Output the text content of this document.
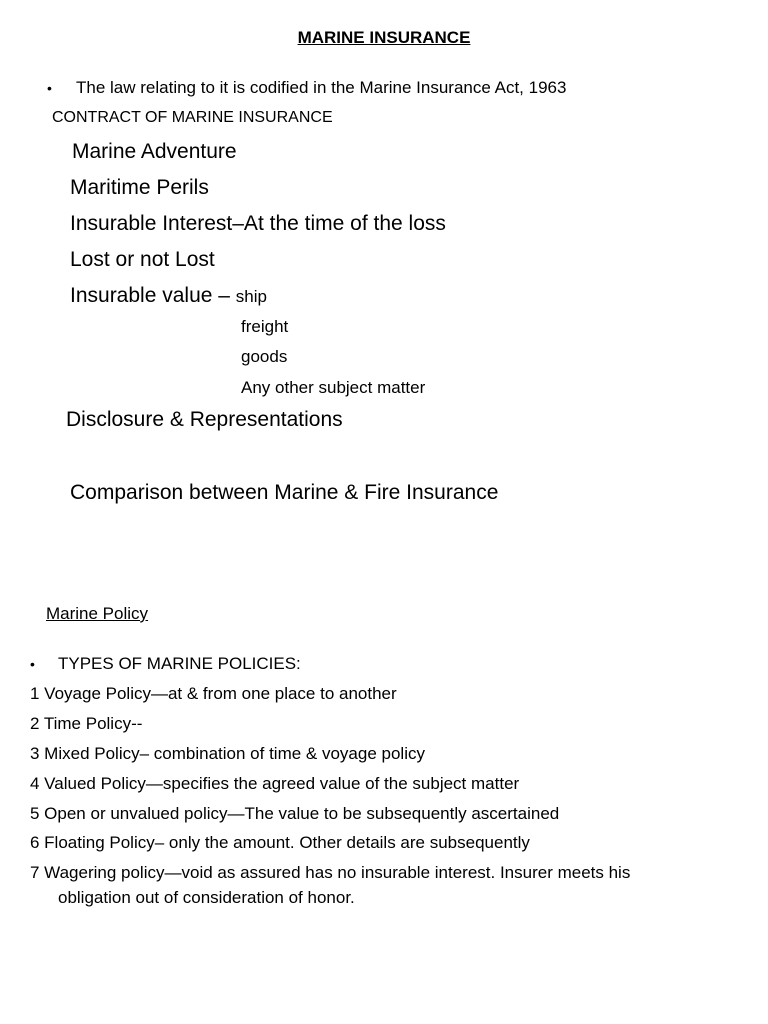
MARINE INSURANCE
• The law relating to it is codified in the Marine Insurance Act, 1963

CONTRACT OF MARINE INSURANCE

Marine Adventure

Maritime Perils

Insurable Interest–At the time of the loss

Lost or not Lost

Insurable value – ship

freight

goods

Any other subject matter

Disclosure & Representations

Comparison between Marine & Fire Insurance

Marine Policy

• TYPES OF MARINE POLICIES:

1 Voyage Policy—at & from one place to another

2 Time Policy--

3 Mixed Policy– combination of time & voyage policy

4 Valued Policy—specifies the agreed value of the subject matter

5 Open or unvalued policy—The value to be subsequently ascertained

6 Floating Policy– only the amount. Other details are subsequently

7 Wagering policy—void as assured has no insurable interest. Insurer meets his

obligation out of consideration of honor.
